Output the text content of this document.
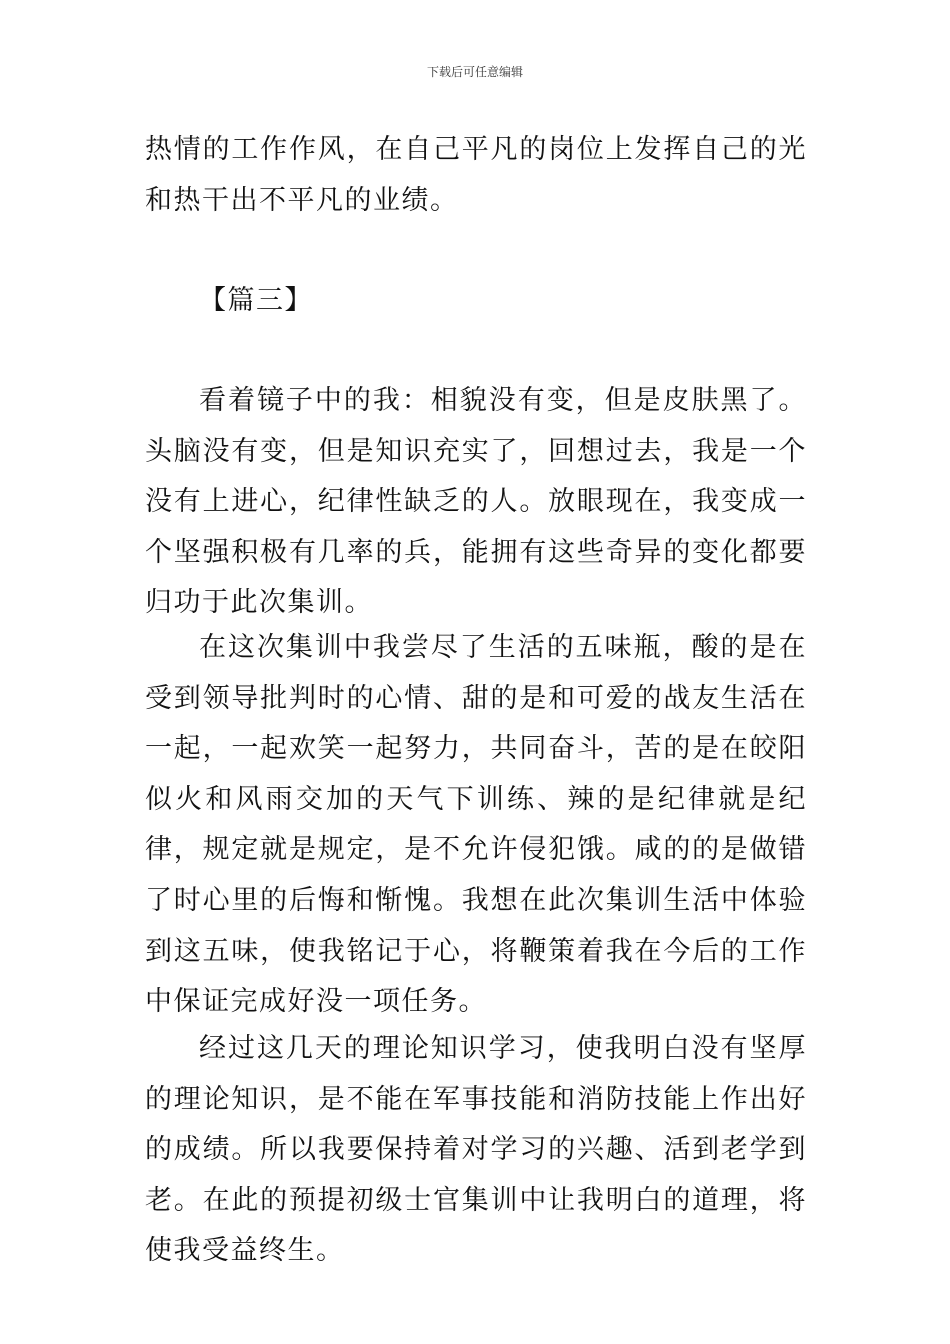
下载后可任意编辑

热情的工作作风，在自己平凡的岗位上发挥自己的光和热干出不平凡的业绩。

【篇三】

看着镜子中的我：相貌没有变，但是皮肤黑了。头脑没有变，但是知识充实了，回想过去，我是一个没有上进心，纪律性缺乏的人。放眼现在，我变成一个坚强积极有几率的兵，能拥有这些奇异的变化都要归功于此次集训。

在这次集训中我尝尽了生活的五味瓶，酸的是在受到领导批判时的心情、甜的是和可爱的战友生活在一起，一起欢笑一起努力，共同奋斗，苦的是在皎阳似火和风雨交加的天气下训练、辣的是纪律就是纪律，规定就是规定，是不允许侵犯饿。咸的的是做错了时心里的后悔和惭愧。我想在此次集训生活中体验到这五味，使我铭记于心，将鞭策着我在今后的工作中保证完成好没一项任务。

经过这几天的理论知识学习，使我明白没有坚厚的理论知识，是不能在军事技能和消防技能上作出好的成绩。所以我要保持着对学习的兴趣、活到老学到老。在此的预提初级士官集训中让我明白的道理，将使我受益终生。
